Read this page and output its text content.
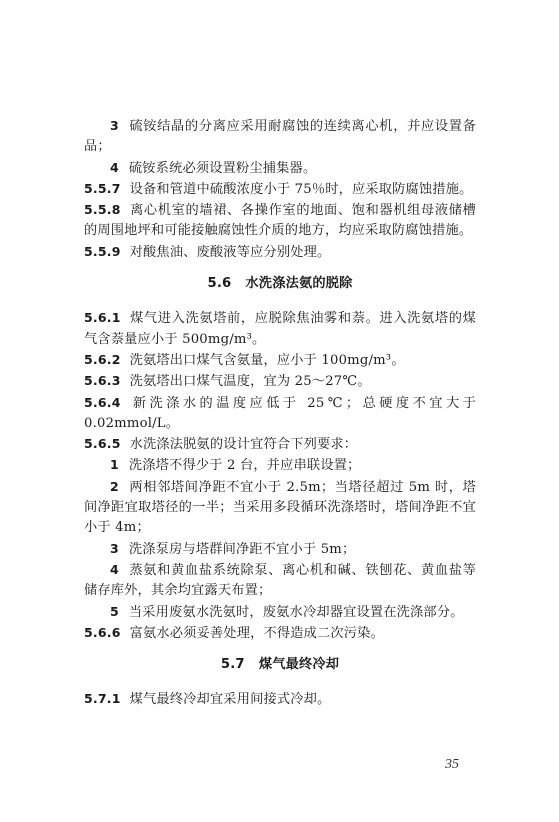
3 硫铵结晶的分离应采用耐腐蚀的连续离心机，并应设置备品；

4 硫铵系统必须设置粉尘捕集器。

5.5.7 设备和管道中硫酸浓度小于 75％时，应采取防腐蚀措施。

5.5.8 离心机室的墙裙、各操作室的地面、饱和器机组母液储槽的周围地坪和可能接触腐蚀性介质的地方，均应采取防腐蚀措施。

5.5.9 对酸焦油、废酸液等应分别处理。

5.6 水洗涤法氨的脱除

5.6.1 煤气进入洗氨塔前，应脱除焦油雾和萘。进入洗氨塔的煤气含萘量应小于 500mg/m³。

5.6.2 洗氨塔出口煤气含氨量，应小于 100mg/m³。

5.6.3 洗氨塔出口煤气温度，宜为 25～27℃。

5.6.4 新洗涤水的温度应低于 25℃；总硬度不宜大于 0.02mmol/L。

5.6.5 水洗涤法脱氨的设计宜符合下列要求：

1 洗涤塔不得少于 2 台，并应串联设置；

2 两相邻塔间净距不宜小于 2.5m；当塔径超过 5m 时，塔间净距宜取塔径的一半；当采用多段循环洗涤塔时，塔间净距不宜小于 4m；

3 洗涤泵房与塔群间净距不宜小于 5m；

4 蒸氨和黄血盐系统除泵、离心机和碱、铁刨花、黄血盐等储存库外，其余均宜露天布置；

5 当采用废氨水洗氨时，废氨水冷却器宜设置在洗涤部分。

5.6.6 富氨水必须妥善处理，不得造成二次污染。

5.7 煤气最终冷却

5.7.1 煤气最终冷却宜采用间接式冷却。

35
